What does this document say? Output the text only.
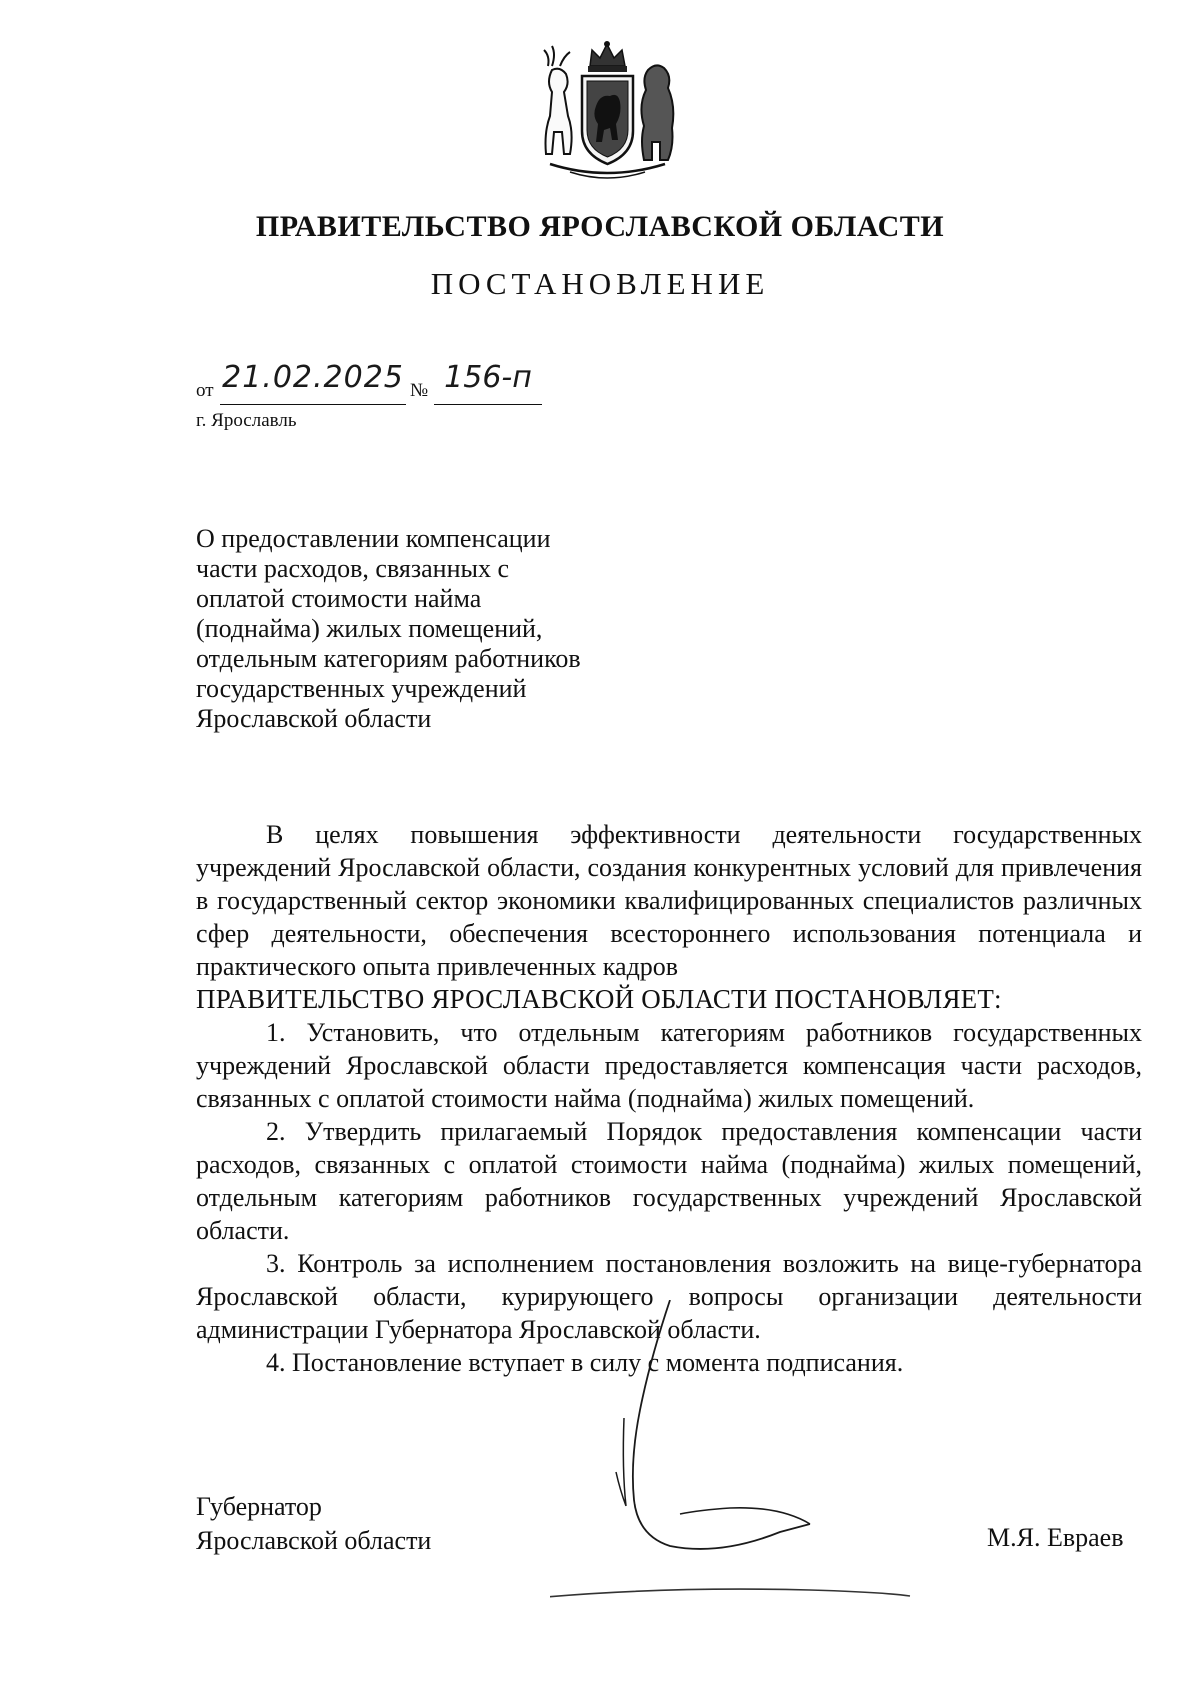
ПРАВИТЕЛЬСТВО ЯРОСЛАВСКОЙ ОБЛАСТИ
ПОСТАНОВЛЕНИЕ
от 21.02.2025 № 156-п
г. Ярославль
О предоставлении компенсации
части расходов, связанных с
оплатой стоимости найма
(поднайма) жилых помещений,
отдельным категориям работников
государственных учреждений
Ярославской области

В целях повышения эффективности деятельности государственных учреждений Ярославской области, создания конкурентных условий для привлечения в государственный сектор экономики квалифицированных специалистов различных сфер деятельности, обеспечения всестороннего использования потенциала и практического опыта привлеченных кадров

ПРАВИТЕЛЬСТВО ЯРОСЛАВСКОЙ ОБЛАСТИ ПОСТАНОВЛЯЕТ:

1. Установить, что отдельным категориям работников государственных учреждений Ярославской области предоставляется компенсация части расходов, связанных с оплатой стоимости найма (поднайма) жилых помещений.

2. Утвердить прилагаемый Порядок предоставления компенсации части расходов, связанных с оплатой стоимости найма (поднайма) жилых помещений, отдельным категориям работников государственных учреждений Ярославской области.

3. Контроль за исполнением постановления возложить на вице-губернатора Ярославской области, курирующего вопросы организации деятельности администрации Губернатора Ярославской области.

4. Постановление вступает в силу с момента подписания.

Губернатор
Ярославской области	М.Я. Евраев
